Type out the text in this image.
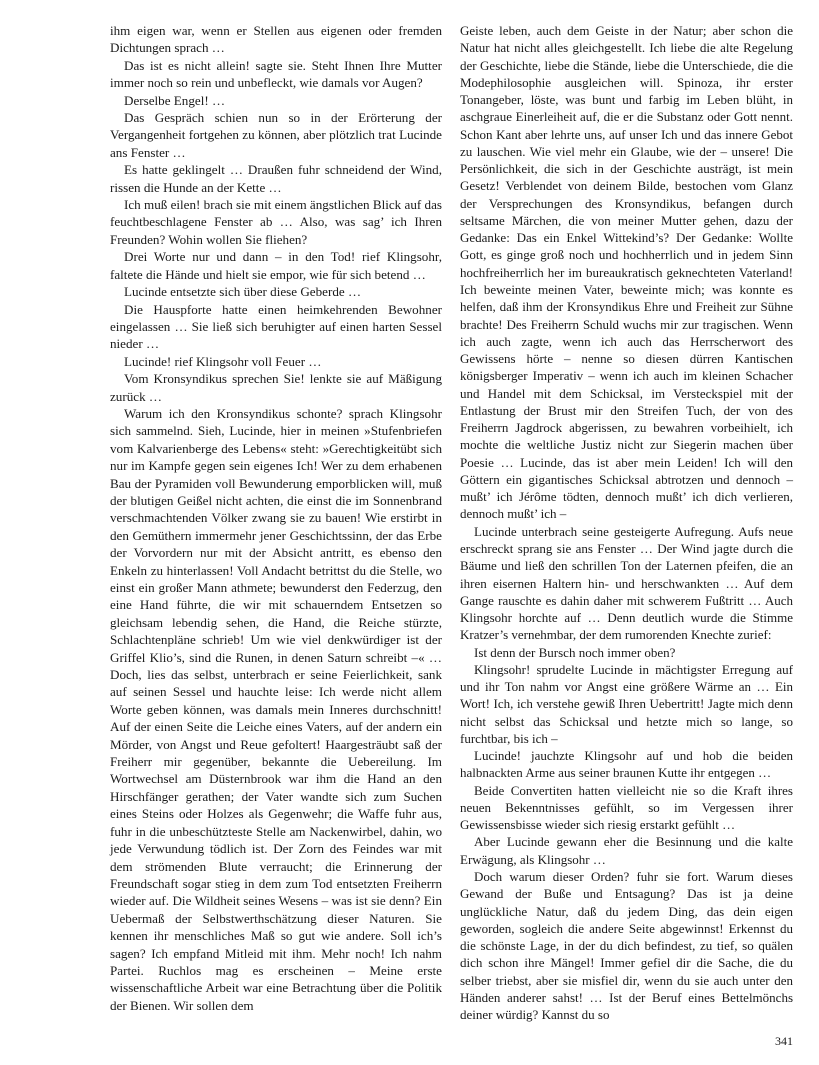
ihm eigen war, wenn er Stellen aus eigenen oder fremden Dichtungen sprach …

Das ist es nicht allein! sagte sie. Steht Ihnen Ihre Mutter immer noch so rein und unbefleckt, wie damals vor Augen?

Derselbe Engel! …

Das Gespräch schien nun so in der Erörterung der Vergangenheit fortgehen zu können, aber plötzlich trat Lucinde ans Fenster …

Es hatte geklingelt … Draußen fuhr schneidend der Wind, rissen die Hunde an der Kette …

Ich muß eilen! brach sie mit einem ängstlichen Blick auf das feuchtbeschlagene Fenster ab … Also, was sag’ ich Ihren Freunden? Wohin wollen Sie fliehen?

Drei Worte nur und dann – in den Tod! rief Klingsohr, faltete die Hände und hielt sie empor, wie für sich betend …

Lucinde entsetzte sich über diese Geberde …

Die Hauspforte hatte einen heimkehrenden Bewohner eingelassen … Sie ließ sich beruhigter auf einen harten Sessel nieder …

Lucinde! rief Klingsohr voll Feuer …

Vom Kronsyndikus sprechen Sie! lenkte sie auf Mäßigung zurück …

Warum ich den Kronsyndikus schonte? sprach Klingsohr sich sammelnd. Sieh, Lucinde, hier in meinen »Stufenbriefen vom Kalvarienberge des Lebens« steht: »Gerechtigkeitübt sich nur im Kampfe gegen sein eigenes Ich! Wer zu dem erhabenen Bau der Pyramiden voll Bewunderung emporblicken will, muß der blutigen Geißel nicht achten, die einst die im Sonnenbrand verschmachtenden Völker zwang sie zu bauen! Wie erstirbt in den Gemüthern immermehr jener Geschichtssinn, der das Erbe der Vorvordern nur mit der Absicht antritt, es ebenso den Enkeln zu hinterlassen! Voll Andacht betrittst du die Stelle, wo einst ein großer Mann athmete; bewunderst den Federzug, den eine Hand führte, die wir mit schauerndem Entsetzen so gleichsam lebendig sehen, die Hand, die Reiche stürzte, Schlachtenpläne schrieb! Um wie viel denkwürdiger ist der Griffel Klio’s, sind die Runen, in denen Saturn schreibt –« … Doch, lies das selbst, unterbrach er seine Feierlichkeit, sank auf seinen Sessel und hauchte leise: Ich werde nicht allem Worte geben können, was damals mein Inneres durchschnitt! Auf der einen Seite die Leiche eines Vaters, auf der andern ein Mörder, von Angst und Reue gefoltert! Haargesträubt saß der Freiherr mir gegenüber, bekannte die Uebereilung. Im Wortwechsel am Düsternbrook war ihm die Hand an den Hirschfänger gerathen; der Vater wandte sich zum Suchen eines Steins oder Holzes als Gegenwehr; die Waffe fuhr aus, fuhr in die unbeschützteste Stelle am Nackenwirbel, dahin, wo jede Verwundung tödlich ist. Der Zorn des Feindes war mit dem strömenden Blute verraucht; die Erinnerung der Freundschaft sogar stieg in dem zum Tod entsetzten Freiherrn wieder auf. Die Wildheit seines Wesens – was ist sie denn? Ein Uebermaß der Selbstwerthschätzung dieser Naturen. Sie kennen ihr menschliches Maß so gut wie andere. Soll ich’s sagen? Ich empfand Mitleid mit ihm. Mehr noch! Ich nahm Partei. Ruchlos mag es erscheinen – Meine erste wissenschaftliche Arbeit war eine Betrachtung über die Politik der Bienen. Wir sollen dem

Geiste leben, auch dem Geiste in der Natur; aber schon die Natur hat nicht alles gleichgestellt. Ich liebe die alte Regelung der Geschichte, liebe die Stände, liebe die Unterschiede, die die Modephilosophie ausgleichen will. Spinoza, ihr erster Tonangeber, löste, was bunt und farbig im Leben blüht, in aschgraue Einerleiheit auf, die er die Substanz oder Gott nennt. Schon Kant aber lehrte uns, auf unser Ich und das innere Gebot zu lauschen. Wie viel mehr ein Glaube, wie der – unsere! Die Persönlichkeit, die sich in der Geschichte austrägt, ist mein Gesetz! Verblendet von deinem Bilde, bestochen vom Glanz der Versprechungen des Kronsyndikus, befangen durch seltsame Märchen, die von meiner Mutter gehen, dazu der Gedanke: Das ein Enkel Wittekind’s? Der Gedanke: Wollte Gott, es ginge groß noch und hochherrlich und in jedem Sinn hochfreiherrlich her im bureaukratisch geknechteten Vaterland! Ich beweinte meinen Vater, beweinte mich; was konnte es helfen, daß ihm der Kronsyndikus Ehre und Freiheit zur Sühne brachte! Des Freiherrn Schuld wuchs mir zur tragischen. Wenn ich auch zagte, wenn ich auch das Herrscherwort des Gewissens hörte – nenne so diesen dürren Kantischen königsberger Imperativ – wenn ich auch im kleinen Schacher und Handel mit dem Schicksal, im Versteckspiel mit der Entlastung der Brust mir den Streifen Tuch, der von des Freiherrn Jagdrock abgerissen, zu bewahren vorbeihielt, ich mochte die weltliche Justiz nicht zur Siegerin machen über Poesie … Lucinde, das ist aber mein Leiden! Ich will den Göttern ein gigantisches Schicksal abtrotzen und dennoch – mußt’ ich Jérôme tödten, dennoch mußt’ ich dich verlieren, dennoch mußt’ ich –

Lucinde unterbrach seine gesteigerte Aufregung. Aufs neue erschreckt sprang sie ans Fenster … Der Wind jagte durch die Bäume und ließ den schrillen Ton der Laternen pfeifen, die an ihren eisernen Haltern hin- und herschwankten … Auf dem Gange rauschte es dahin daher mit schwerem Fußtritt … Auch Klingsohr horchte auf … Denn deutlich wurde die Stimme Kratzer’s vernehmbar, der dem rumorenden Knechte zurief:

Ist denn der Bursch noch immer oben?

Klingsohr! sprudelte Lucinde in mächtigster Erregung auf und ihr Ton nahm vor Angst eine größere Wärme an … Ein Wort! Ich, ich verstehe gewiß Ihren Uebertritt! Jagte mich denn nicht selbst das Schicksal und hetzte mich so lange, so furchtbar, bis ich –

Lucinde! jauchzte Klingsohr auf und hob die beiden halbnackten Arme aus seiner braunen Kutte ihr entgegen …

Beide Convertiten hatten vielleicht nie so die Kraft ihres neuen Bekenntnisses gefühlt, so im Vergessen ihrer Gewissensbisse wieder sich riesig erstarkt gefühlt …

Aber Lucinde gewann eher die Besinnung und die kalte Erwägung, als Klingsohr …

Doch warum dieser Orden? fuhr sie fort. Warum dieses Gewand der Buße und Entsagung? Das ist ja deine unglückliche Natur, daß du jedem Ding, das dein eigen geworden, sogleich die andere Seite abgewinnst! Erkennst du die schönste Lage, in der du dich befindest, zu tief, so quälen dich schon ihre Mängel! Immer gefiel dir die Sache, die du selber triebst, aber sie misfiel dir, wenn du sie auch unter den Händen anderer sahst! … Ist der Beruf eines Bettelmönchs deiner würdig? Kannst du so

341
